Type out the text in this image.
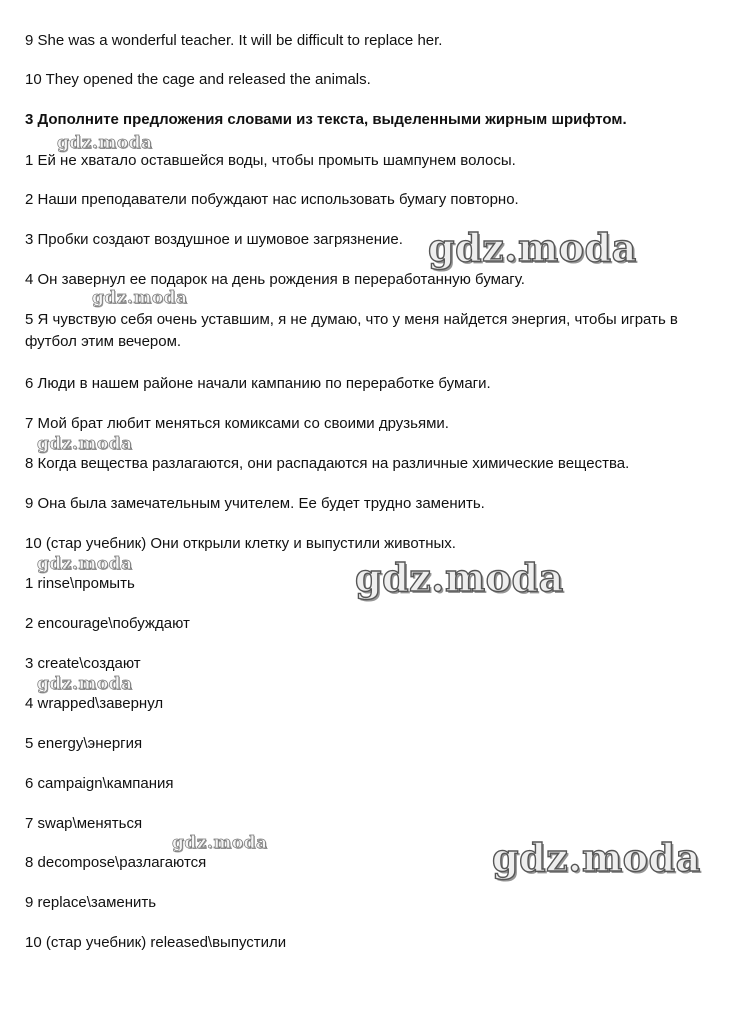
9 She was a wonderful teacher. It will be difficult to replace her.
10 They opened the cage and released the animals.
3 Дополните предложения словами из текста, выделенными жирным шрифтом.
1 Ей не хватало оставшейся воды, чтобы промыть шампунем волосы.
2 Наши преподаватели побуждают нас использовать бумагу повторно.
3 Пробки создают воздушное и шумовое загрязнение.
4 Он завернул ее подарок на день рождения в переработанную бумагу.
5 Я чувствую себя очень уставшим, я не думаю, что у меня найдется энергия, чтобы играть в футбол этим вечером.
6 Люди в нашем районе начали кампанию по переработке бумаги.
7 Мой брат любит меняться комиксами со своими друзьями.
8 Когда вещества разлагаются, они распадаются на различные химические вещества.
9 Она была замечательным учителем. Ее будет трудно заменить.
10 (стар учебник) Они открыли клетку и выпустили животных.
1 rinse\промыть
2 encourage\побуждают
3 create\создают
4 wrapped\завернул
5 energy\энергия
6 campaign\кампания
7 swap\меняться
8 decompose\разлагаются
9 replace\заменить
10 (стар учебник) released\выпустили
gdz.moda
gdz.moda
gdz.moda
gdz.moda
gdz.moda	gdz.moda
gdz.moda
gdz.moda	gdz.moda
